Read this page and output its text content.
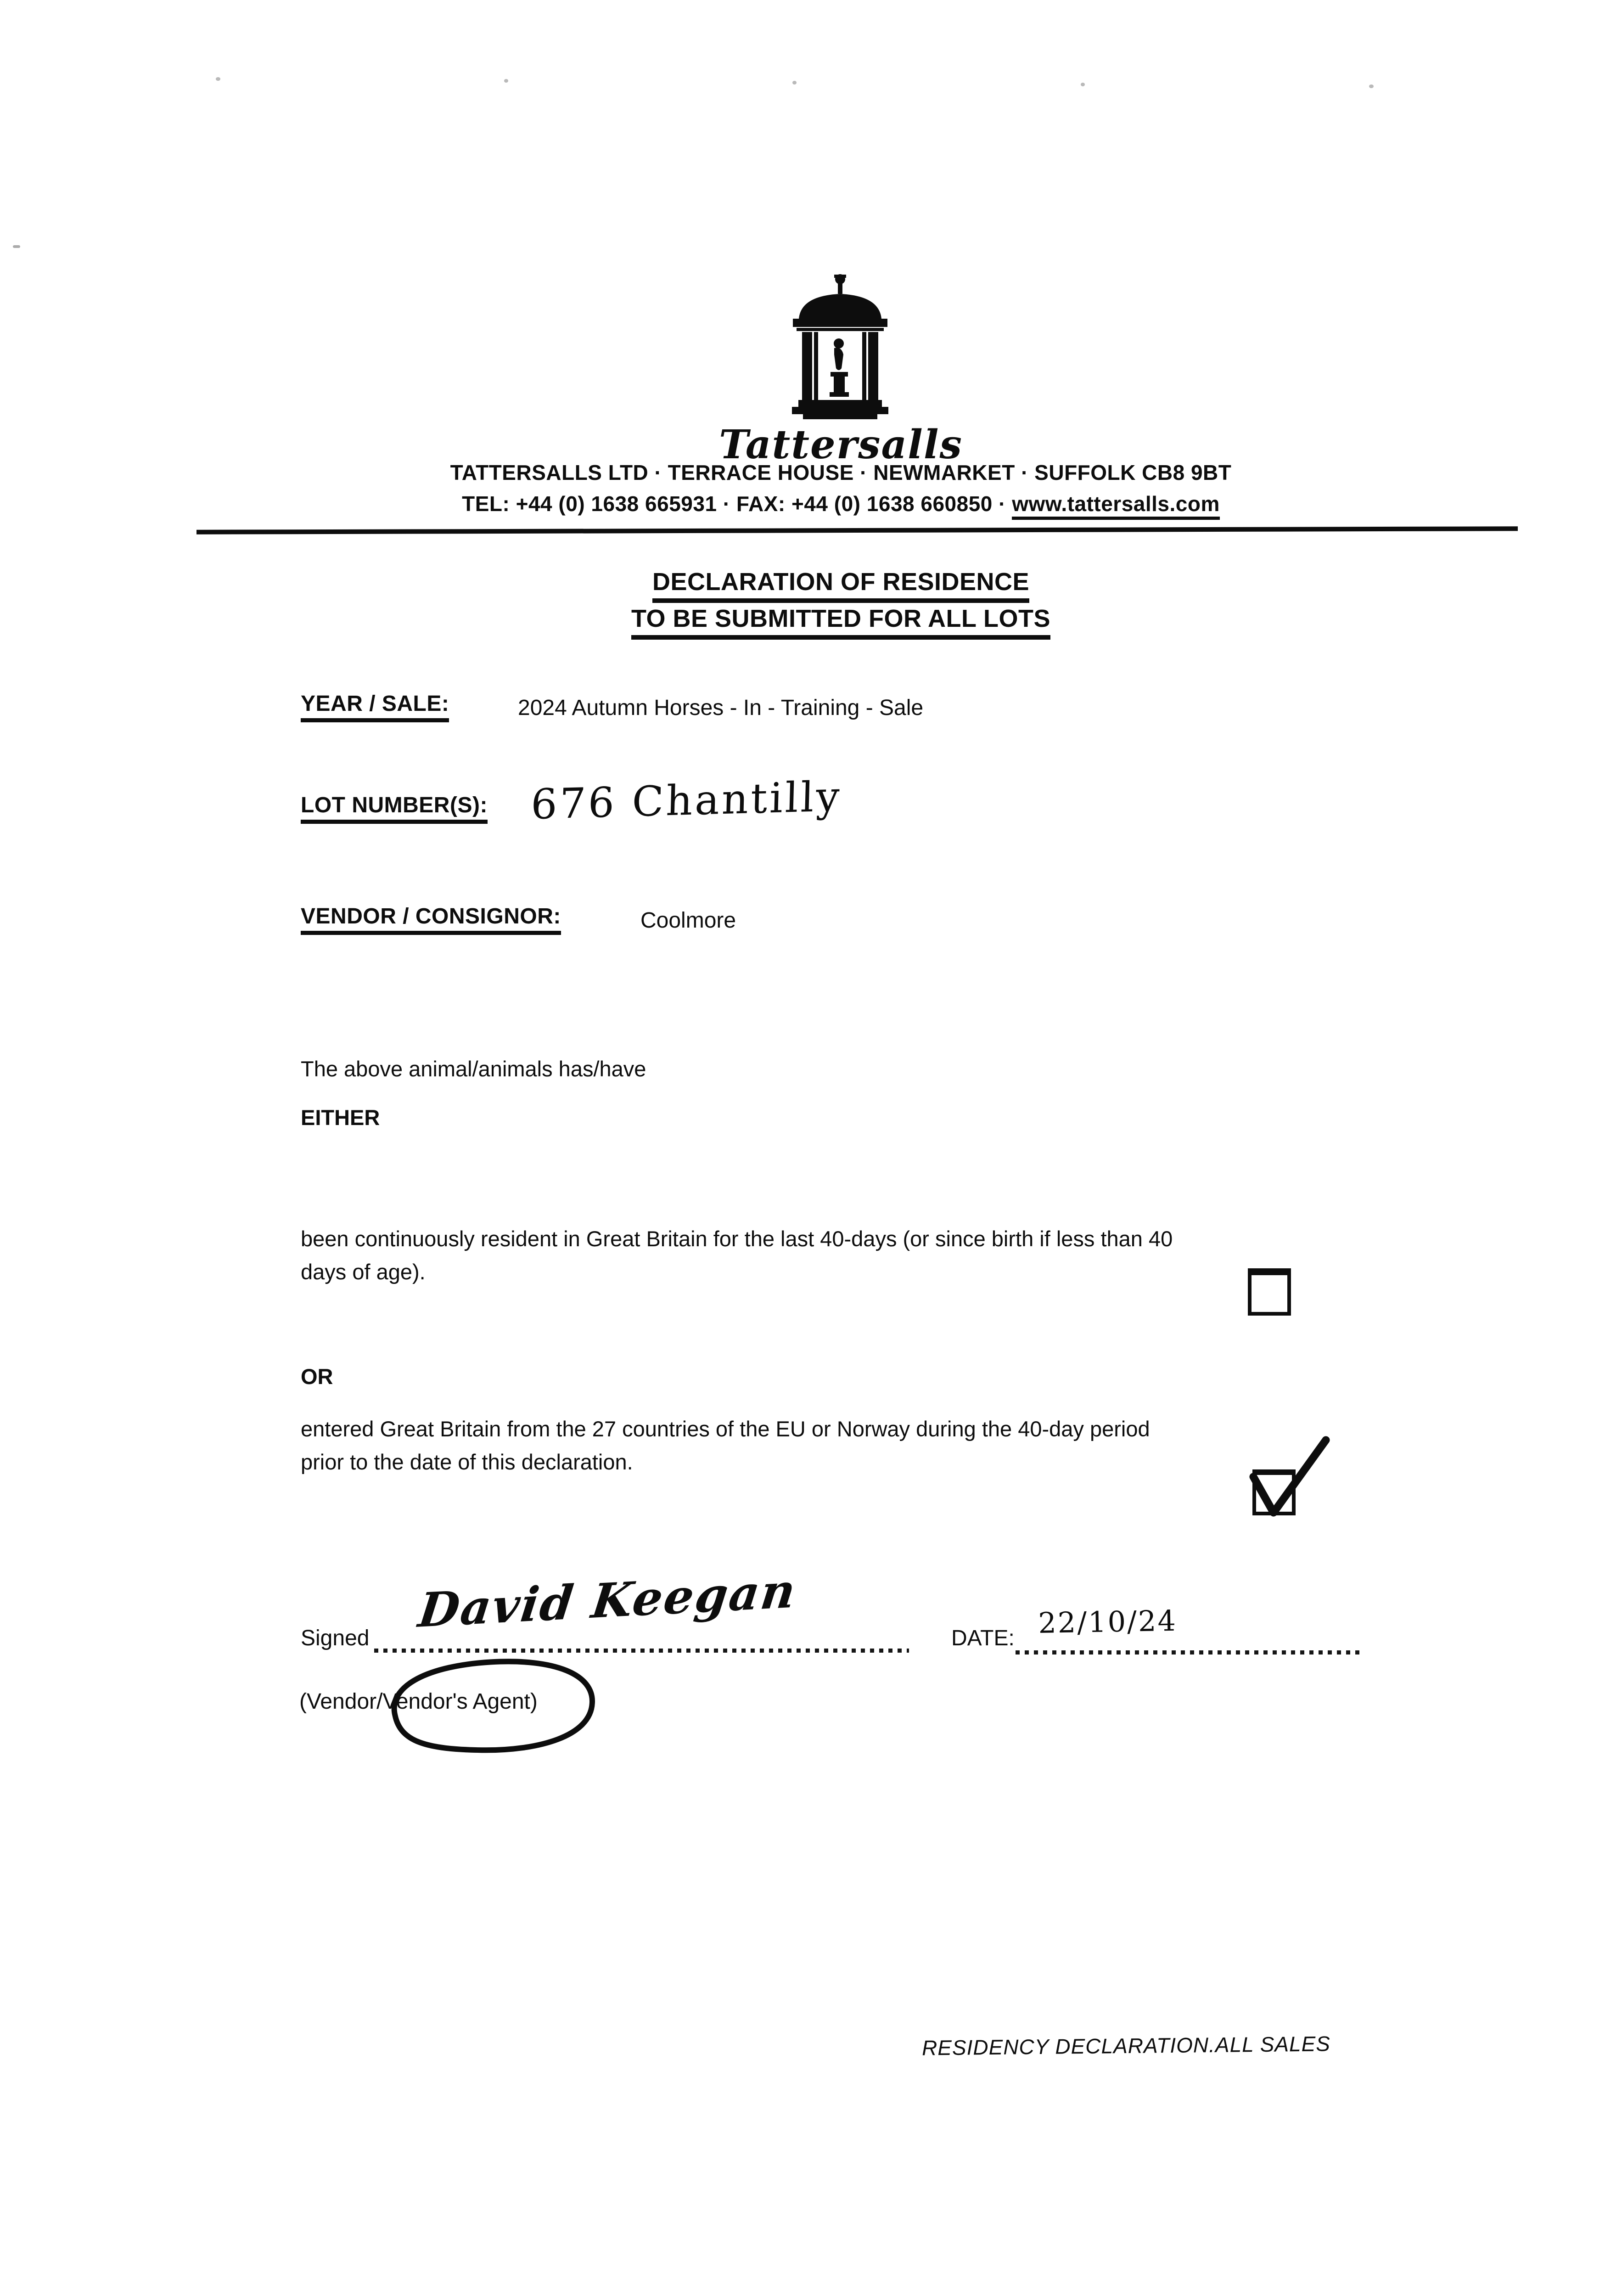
Tattersalls
TATTERSALLS LTD · TERRACE HOUSE · NEWMARKET · SUFFOLK CB8 9BT
TEL: +44 (0) 1638 665931 · FAX: +44 (0) 1638 660850 · www.tattersalls.com
DECLARATION OF RESIDENCE
TO BE SUBMITTED FOR ALL LOTS
YEAR / SALE:	2024 Autumn Horses - In - Training - Sale
LOT NUMBER(S): 676 Chantilly
VENDOR / CONSIGNOR:	Coolmore
The above animal/animals has/have
EITHER
been continuously resident in Great Britain for the last 40-days (or since birth if less than 40
days of age).
OR
entered Great Britain from the 27 countries of the EU or Norway during the 40-day period
prior to the date of this declaration.
Signed David Keegan	DATE: 22/10/24
(Vendor/Vendor's Agent)
RESIDENCY DECLARATION.ALL SALES
